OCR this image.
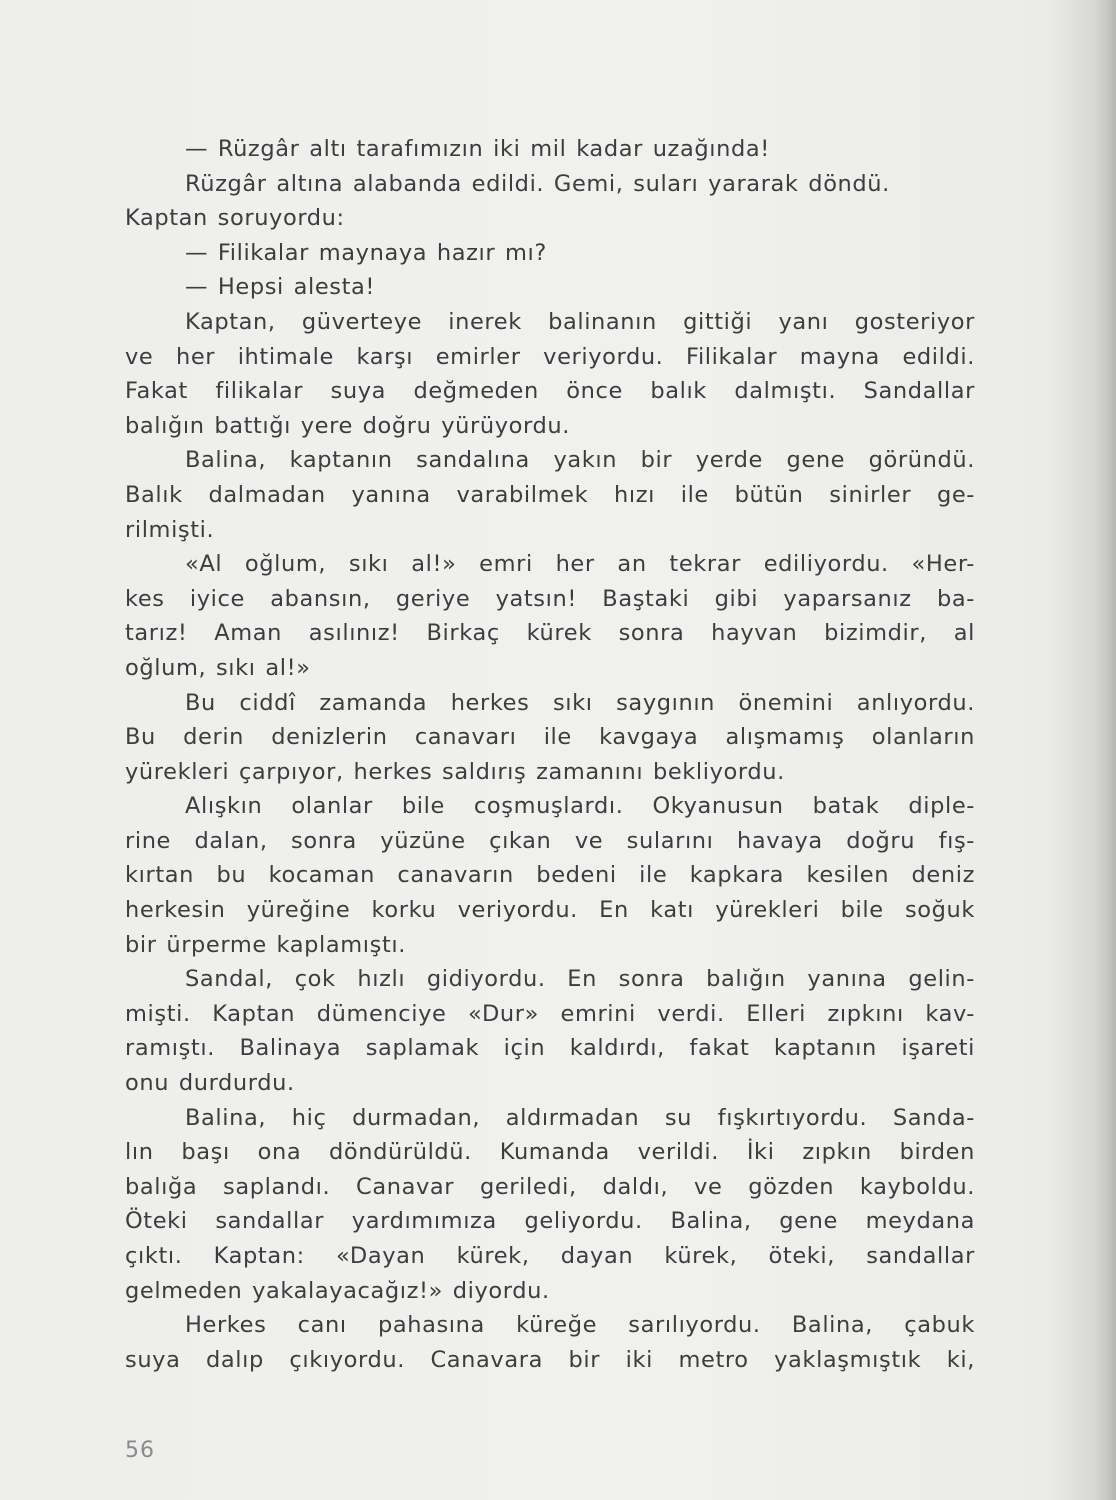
— Rüzgâr altı tarafımızın iki mil kadar uzağında!
Rüzgâr altına alabanda edildi. Gemi, suları yararak döndü.
Kaptan soruyordu:
— Filikalar maynaya hazır mı?
— Hepsi alesta!
Kaptan, güverteye inerek balinanın gittiği yanı gosteriyor
ve her ihtimale karşı emirler veriyordu. Filikalar mayna edildi.
Fakat filikalar suya değmeden önce balık dalmıştı. Sandallar
balığın battığı yere doğru yürüyordu.
Balina, kaptanın sandalına yakın bir yerde gene göründü.
Balık dalmadan yanına varabilmek hızı ile bütün sinirler ge-
rilmişti.
«Al oğlum, sıkı al!» emri her an tekrar ediliyordu. «Her-
kes iyice abansın, geriye yatsın! Baştaki gibi yaparsanız ba-
tarız! Aman asılınız! Birkaç kürek sonra hayvan bizimdir, al
oğlum, sıkı al!»
Bu ciddî zamanda herkes sıkı saygının önemini anlıyordu.
Bu derin denizlerin canavarı ile kavgaya alışmamış olanların
yürekleri çarpıyor, herkes saldırış zamanını bekliyordu.
Alışkın olanlar bile coşmuşlardı. Okyanusun batak diple-
rine dalan, sonra yüzüne çıkan ve sularını havaya doğru fış-
kırtan bu kocaman canavarın bedeni ile kapkara kesilen deniz
herkesin yüreğine korku veriyordu. En katı yürekleri bile soğuk
bir ürperme kaplamıştı.
Sandal, çok hızlı gidiyordu. En sonra balığın yanına gelin-
mişti. Kaptan dümenciye «Dur» emrini verdi. Elleri zıpkını kav-
ramıştı. Balinaya saplamak için kaldırdı, fakat kaptanın işareti
onu durdurdu.
Balina, hiç durmadan, aldırmadan su fışkırtıyordu. Sanda-
lın başı ona döndürüldü. Kumanda verildi. İki zıpkın birden
balığa saplandı. Canavar geriledi, daldı, ve gözden kayboldu.
Öteki sandallar yardımımıza geliyordu. Balina, gene meydana
çıktı. Kaptan: «Dayan kürek, dayan kürek, öteki, sandallar
gelmeden yakalayacağız!» diyordu.
Herkes canı pahasına küreğe sarılıyordu. Balina, çabuk
suya dalıp çıkıyordu. Canavara bir iki metro yaklaşmıştık ki,
56
